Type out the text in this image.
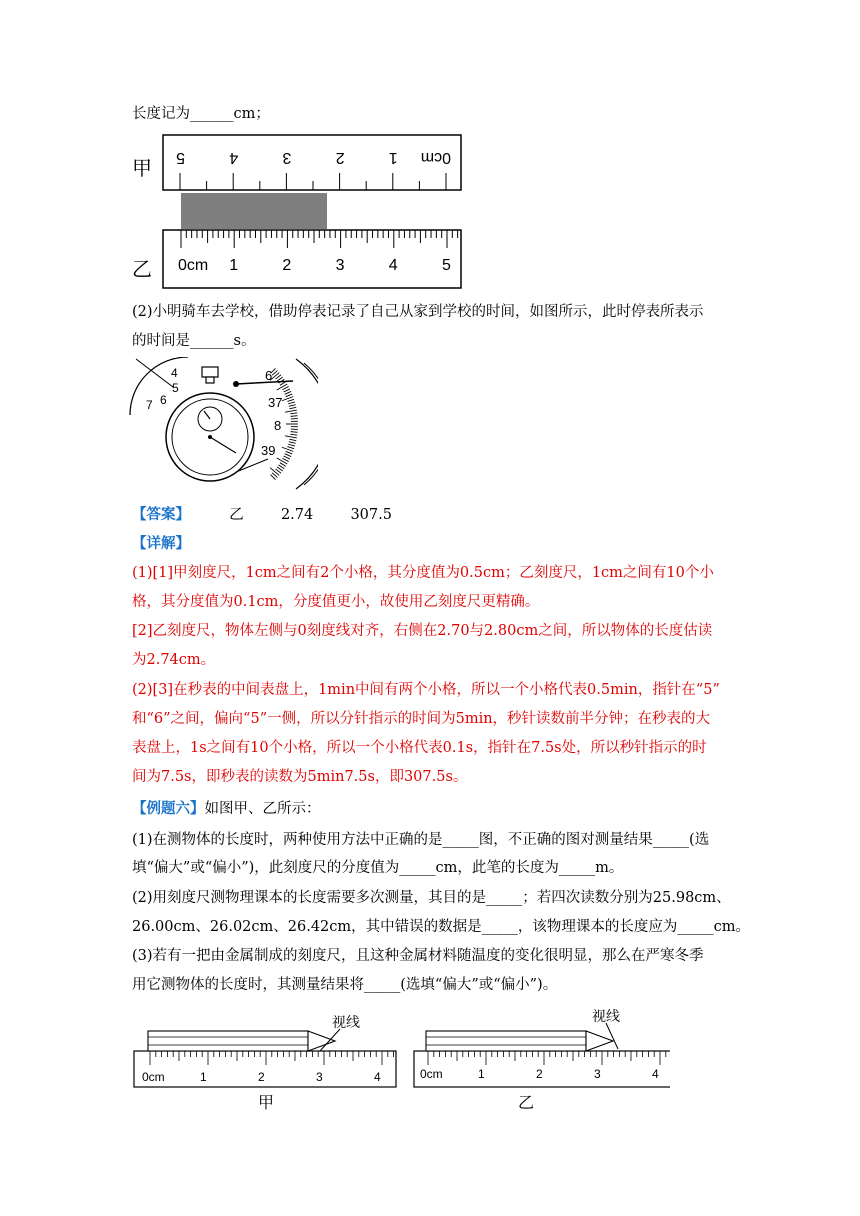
长度记为______cm；
5	4	3	2	1 0cm
0cm 1	2	3	4	5
甲
乙
(2)小明骑车去学校，借助停表记录了自己从家到学校的时间，如图所示，此时停表所表示
的时间是______s。
4
5
6
7
6
37
8
39
【答案】	乙	2.74	307.5
【详解】
(1)[1]甲刻度尺，1cm之间有2个小格，其分度值为0.5cm；乙刻度尺，1cm之间有10个小
格，其分度值为0.1cm，分度值更小，故使用乙刻度尺更精确。
[2]乙刻度尺，物体左侧与0刻度线对齐，右侧在2.70与2.80cm之间，所以物体的长度估读
为2.74cm。
(2)[3]在秒表的中间表盘上，1min中间有两个小格，所以一个小格代表0.5min，指针在“5”
和“6”之间，偏向“5”一侧，所以分针指示的时间为5min，秒针读数前半分钟；在秒表的大
表盘上，1s之间有10个小格，所以一个小格代表0.1s，指针在7.5s处，所以秒针指示的时
间为7.5s，即秒表的读数为5min7.5s，即307.5s。
【例题六】如图甲、乙所示：
(1)在测物体的长度时，两种使用方法中正确的是_____图，不正确的图对测量结果_____(选
填“偏大”或“偏小”)，此刻度尺的分度值为_____cm，此笔的长度为_____m。
(2)用刻度尺测物理课本的长度需要多次测量，其目的是_____；若四次读数分别为25.98cm、
26.00cm、26.02cm、26.42cm，其中错误的数据是_____，该物理课本的长度应为_____cm。
(3)若有一把由金属制成的刻度尺，且这种金属材料随温度的变化很明显，那么在严寒冬季
用它测物体的长度时，其测量结果将_____(选填“偏大”或“偏小”)。
0cm	1	2	3	4
视线
甲
0cm	1	2	3	4
视线
乙
